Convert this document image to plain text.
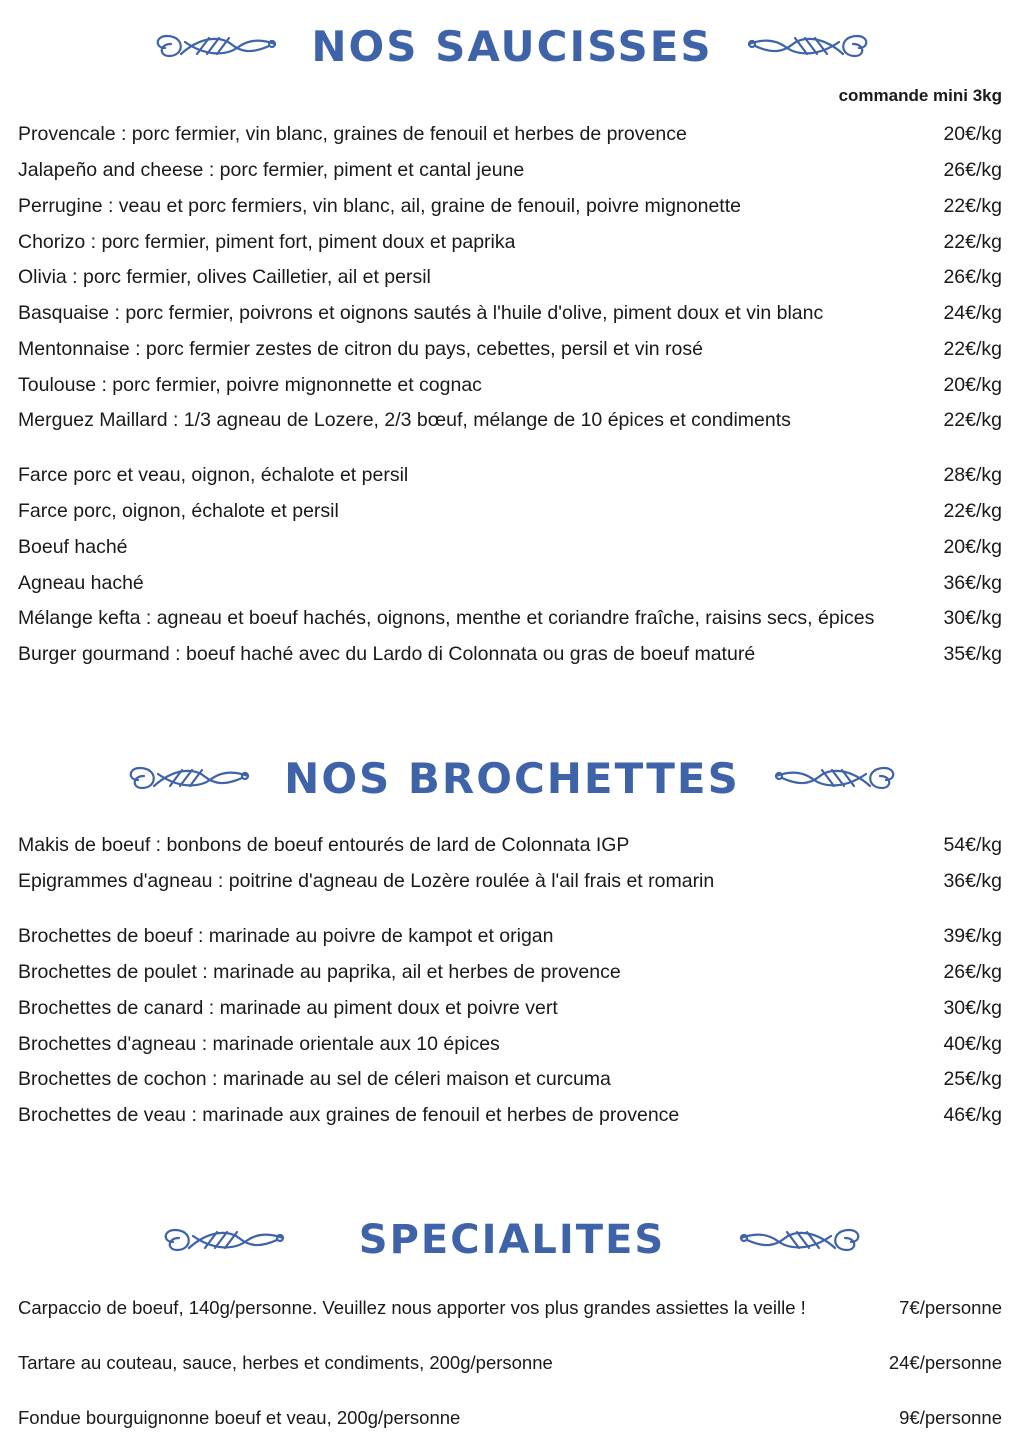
NOS SAUCISSES
commande mini 3kg
Provencale : porc fermier, vin blanc, graines de fenouil et herbes de provence	20€/kg
Jalapeño and cheese : porc fermier, piment et cantal jeune	26€/kg
Perrugine : veau et porc fermiers, vin blanc, ail, graine de fenouil, poivre mignonette	22€/kg
Chorizo : porc fermier, piment fort, piment doux et paprika	22€/kg
Olivia : porc fermier, olives Cailletier, ail et persil	26€/kg
Basquaise : porc fermier, poivrons et oignons sautés à l'huile d'olive, piment doux et vin blanc	24€/kg
Mentonnaise : porc fermier zestes de citron du pays, cebettes, persil et vin rosé	22€/kg
Toulouse : porc fermier, poivre mignonnette et cognac	20€/kg
Merguez Maillard : 1/3 agneau de Lozere, 2/3 bœuf, mélange de 10 épices et condiments	22€/kg
Farce porc et veau, oignon, échalote et persil	28€/kg
Farce porc, oignon, échalote et persil	22€/kg
Boeuf haché	20€/kg
Agneau haché	36€/kg
Mélange kefta : agneau et boeuf hachés, oignons, menthe et coriandre fraîche, raisins secs, épices	30€/kg
Burger gourmand : boeuf haché avec du Lardo di Colonnata ou gras de boeuf maturé	35€/kg
NOS BROCHETTES
Makis de boeuf : bonbons de boeuf entourés de lard de Colonnata IGP	54€/kg
Epigrammes d'agneau : poitrine d'agneau de Lozère roulée à l'ail frais et romarin	36€/kg
Brochettes de boeuf : marinade au poivre de kampot et origan	39€/kg
Brochettes de poulet : marinade au paprika, ail et herbes de provence	26€/kg
Brochettes de canard : marinade au piment doux et poivre vert	30€/kg
Brochettes d'agneau : marinade orientale aux 10 épices	40€/kg
Brochettes de cochon : marinade au sel de céleri maison et curcuma	25€/kg
Brochettes de veau : marinade aux graines de fenouil et herbes de provence	46€/kg
SPECIALITES
Carpaccio de boeuf, 140g/personne. Veuillez nous apporter vos plus grandes assiettes la veille !	7€/personne
Tartare au couteau, sauce, herbes et condiments, 200g/personne	24€/personne
Fondue bourguignonne boeuf et veau, 200g/personne	9€/personne
